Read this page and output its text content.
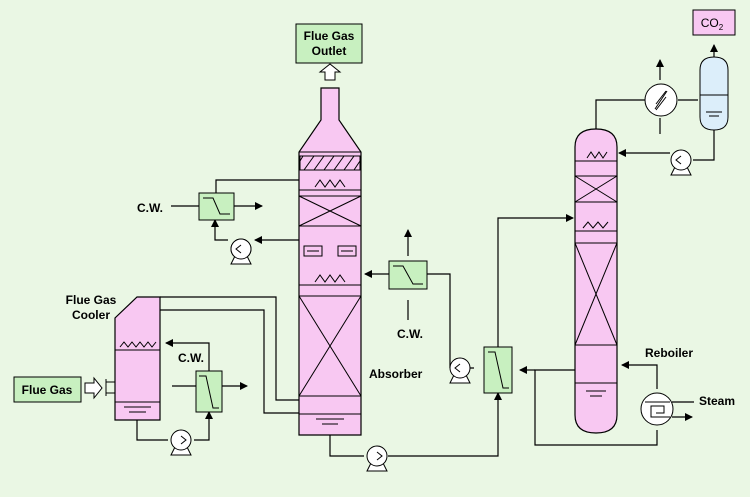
Flue Gas
Outlet
$CO_2$
Flue Gas
Flue Gas
Cooler
C.W.
C.W.
C.W.
Absorber
Reboiler
Steam
